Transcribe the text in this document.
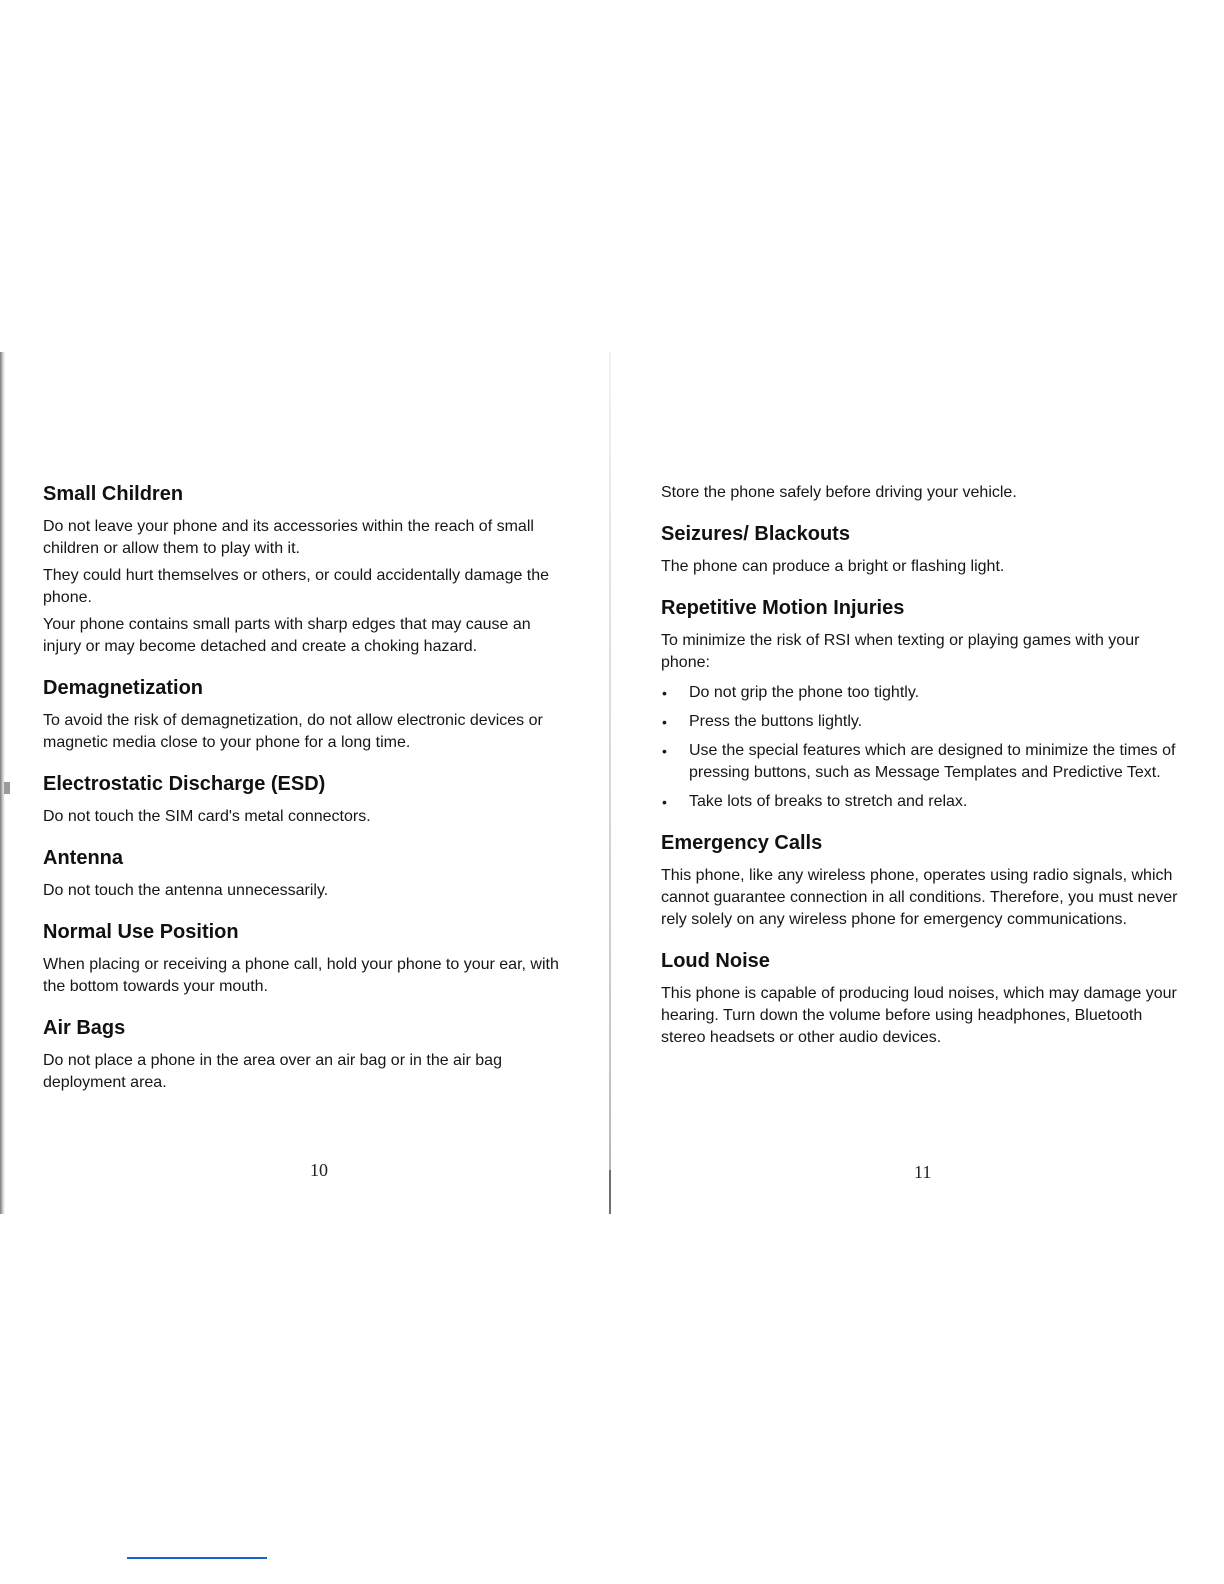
Small Children

Do not leave your phone and its accessories within the reach of small children or allow them to play with it.

They could hurt themselves or others, or could accidentally damage the phone.

Your phone contains small parts with sharp edges that may cause an injury or may become detached and create a choking hazard.

Demagnetization

To avoid the risk of demagnetization, do not allow electronic devices or magnetic media close to your phone for a long time.

Electrostatic Discharge (ESD)

Do not touch the SIM card's metal connectors.

Antenna

Do not touch the antenna unnecessarily.

Normal Use Position

When placing or receiving a phone call, hold your phone to your ear, with the bottom towards your mouth.

Air Bags

Do not place a phone in the area over an air bag or in the air bag deployment area.

10

Store the phone safely before driving your vehicle.

Seizures/ Blackouts

The phone can produce a bright or flashing light.

Repetitive Motion Injuries

To minimize the risk of RSI when texting or playing games with your phone:

• Do not grip the phone too tightly.
• Press the buttons lightly.
• Use the special features which are designed to minimize the times of pressing buttons, such as Message Templates and Predictive Text.
• Take lots of breaks to stretch and relax.
Emergency Calls

This phone, like any wireless phone, operates using radio signals, which cannot guarantee connection in all conditions. Therefore, you must never rely solely on any wireless phone for emergency communications.

Loud Noise

This phone is capable of producing loud noises, which may damage your hearing. Turn down the volume before using headphones, Bluetooth stereo headsets or other audio devices.

11
